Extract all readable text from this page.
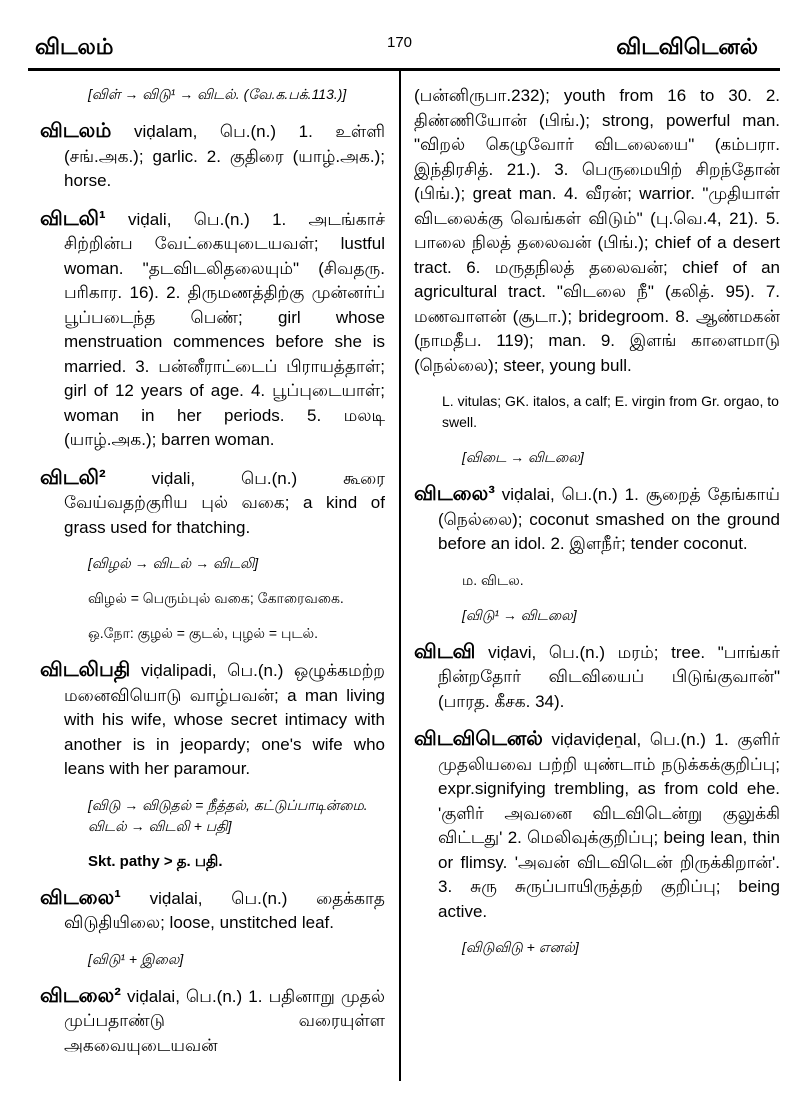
விடலம்	170	விடவிடெனல்

[விள் → விடு¹ → விடல். (வே.க.பக்.113.)]

விடலம் viḍalam, பெ.(n.) 1. உள்ளி (சங்.அக.); garlic. 2. குதிரை (யாழ்.அக.); horse.

விடலி¹ viḍali, பெ.(n.) 1. அடங்காச் சிற்றின்ப வேட்கையுடையவள்; lustful woman. "தடவிடலிதலையும்" (சிவதரு. பரிகார. 16). 2. திருமணத்திற்கு முன்னர்ப் பூப்படைந்த பெண்; girl whose menstruation commences before she is married. 3. பன்னீராட்டைப் பிராயத்தாள்; girl of 12 years of age. 4. பூப்புடையாள்; woman in her periods. 5. மலடி (யாழ்.அக.); barren woman.

விடலி² viḍali, பெ.(n.) கூரை வேய்வதற்குரிய புல் வகை; a kind of grass used for thatching.

[விழல் → விடல் → விடலி]

விழல் = பெரும்புல் வகை; கோரைவகை.

ஒ.நோ: குழல் = குடல், புழல் = புடல்.

விடலிபதி viḍalipadi, பெ.(n.) ஒழுக்கமற்ற மனைவியொடு வாழ்பவன்; a man living with his wife, whose secret intimacy with another is in jeopardy; one's wife who leans with her paramour.

[விடு → விடுதல் = நீத்தல், கட்டுப்பாடின்மை. விடல் → விடலி + பதி]

Skt. pathy > த. பதி.

விடலை¹ viḍalai, பெ.(n.) தைக்காத விடுதியிலை; loose, unstitched leaf.

[விடு¹ + இலை]

விடலை² viḍalai, பெ.(n.) 1. பதினாறு முதல் முப்பதாண்டு வரையுள்ள அகவையுடையவன்

(பன்னிருபா.232); youth from 16 to 30. 2. திண்ணியோன் (பிங்.); strong, powerful man. "விறல் கெழுவோர் விடலையை" (கம்பரா. இந்திரசித். 21.). 3. பெருமையிற் சிறந்தோன் (பிங்.); great man. 4. வீரன்; warrior. "முதியாள் விடலைக்கு வெங்கள் விடும்" (பு.வெ.4, 21). 5. பாலை நிலத் தலைவன் (பிங்.); chief of a desert tract. 6. மருதநிலத் தலைவன்; chief of an agricultural tract. "விடலை நீ" (கலித். 95). 7. மணவாளன் (சூடா.); bridegroom. 8. ஆண்மகன் (நாமதீப. 119); man. 9. இளங் காளைமாடு (நெல்லை); steer, young bull.

L. vitulas; GK. italos, a calf; E. virgin from Gr. orgao, to swell.

[விடை → விடலை]

விடலை³ viḍalai, பெ.(n.) 1. சூறைத் தேங்காய் (நெல்லை); coconut smashed on the ground before an idol. 2. இளநீர்; tender coconut.

ம. விடல.

[விடு¹ → விடலை]

விடவி viḍavi, பெ.(n.) மரம்; tree. "பாங்கர் நின்றதோர் விடவியைப் பிடுங்குவான்" (பாரத. கீசக. 34).

விடவிடெனல் viḍaviḍeṉal, பெ.(n.) 1. குளிர் முதலியவை பற்றி யுண்டாம் நடுக்கக்குறிப்பு; expr.signifying trembling, as from cold ehe. 'குளிர் அவனை விடவிடென்று குலுக்கி விட்டது' 2. மெலிவுக்குறிப்பு; being lean, thin or flimsy. 'அவன் விடவிடென் றிருக்கிறான்'. 3. சுரு சுருப்பாயிருத்தற் குறிப்பு; being active.

[விடுவிடு + எனல்]
